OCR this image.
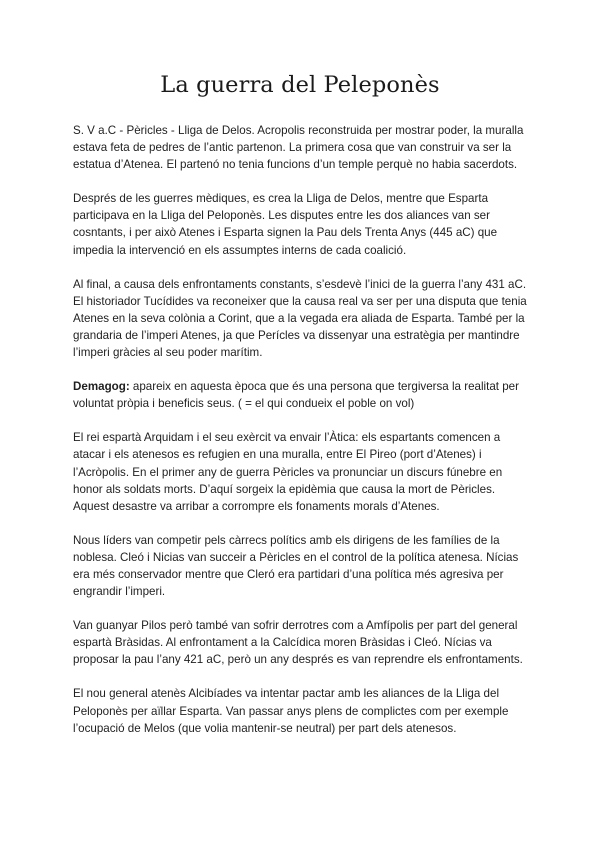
La guerra del Peleponès

S. V a.C - Pèricles - Lliga de Delos. Acropolis reconstruida per mostrar poder, la muralla estava feta de pedres de l’antic partenon. La primera cosa que van construir va ser la estatua d’Atenea. El partenó no tenia funcions d’un temple perquè no habia sacerdots.

Després de les guerres mèdiques, es crea la Lliga de Delos, mentre que Esparta participava en la Lliga del Peloponès. Les disputes entre les dos aliances van ser cosntants, i per això Atenes i Esparta signen la Pau dels Trenta Anys (445 aC) que impedia la intervenció en els assumptes interns de cada coalició.

Al final, a causa dels enfrontaments constants, s’esdevè l’inici de la guerra l’any 431 aC. El historiador Tucídides va reconeixer que la causa real va ser per una disputa que tenia Atenes en la seva colònia a Corint, que a la vegada era aliada de Esparta. També per la grandaria de l’imperi Atenes, ja que Perícles va dissenyar una estratègia per mantindre l’imperi gràcies al seu poder marítim.

Demagog: apareix en aquesta època que és una persona que tergiversa la realitat per voluntat pròpia i beneficis seus. ( = el qui condueix el poble on vol)

El rei espartà Arquidam i el seu exèrcit va envair l’Àtica: els espartants comencen a atacar i els atenesos es refugien en una muralla, entre El Pireo (port d’Atenes) i l’Acròpolis. En el primer any de guerra Pèricles va pronunciar un discurs fúnebre en honor als soldats morts. D’aquí sorgeix la epidèmia que causa la mort de Pèricles. Aquest desastre va arribar a corrompre els fonaments morals d’Atenes.

Nous líders van competir pels càrrecs polítics amb els dirigens de les famílies de la noblesa. Cleó i Nicias van succeir a Pèricles en el control de la política atenesa. Nícias era més conservador mentre que Cleró era partidari d’una política més agresiva per engrandir l’imperi.

Van guanyar Pilos però també van sofrir derrotres com a Amfípolis per part del general espartà Bràsidas. Al enfrontament a la Calcídica moren Bràsidas i Cleó. Nícias va proposar la pau l’any 421 aC, però un any després es van reprendre els enfrontaments.

El nou general atenès Alcibíades va intentar pactar amb les aliances de la Lliga del Peloponès per aïllar Esparta. Van passar anys plens de complictes com per exemple l’ocupació de Melos (que volia mantenir-se neutral) per part dels atenesos.
